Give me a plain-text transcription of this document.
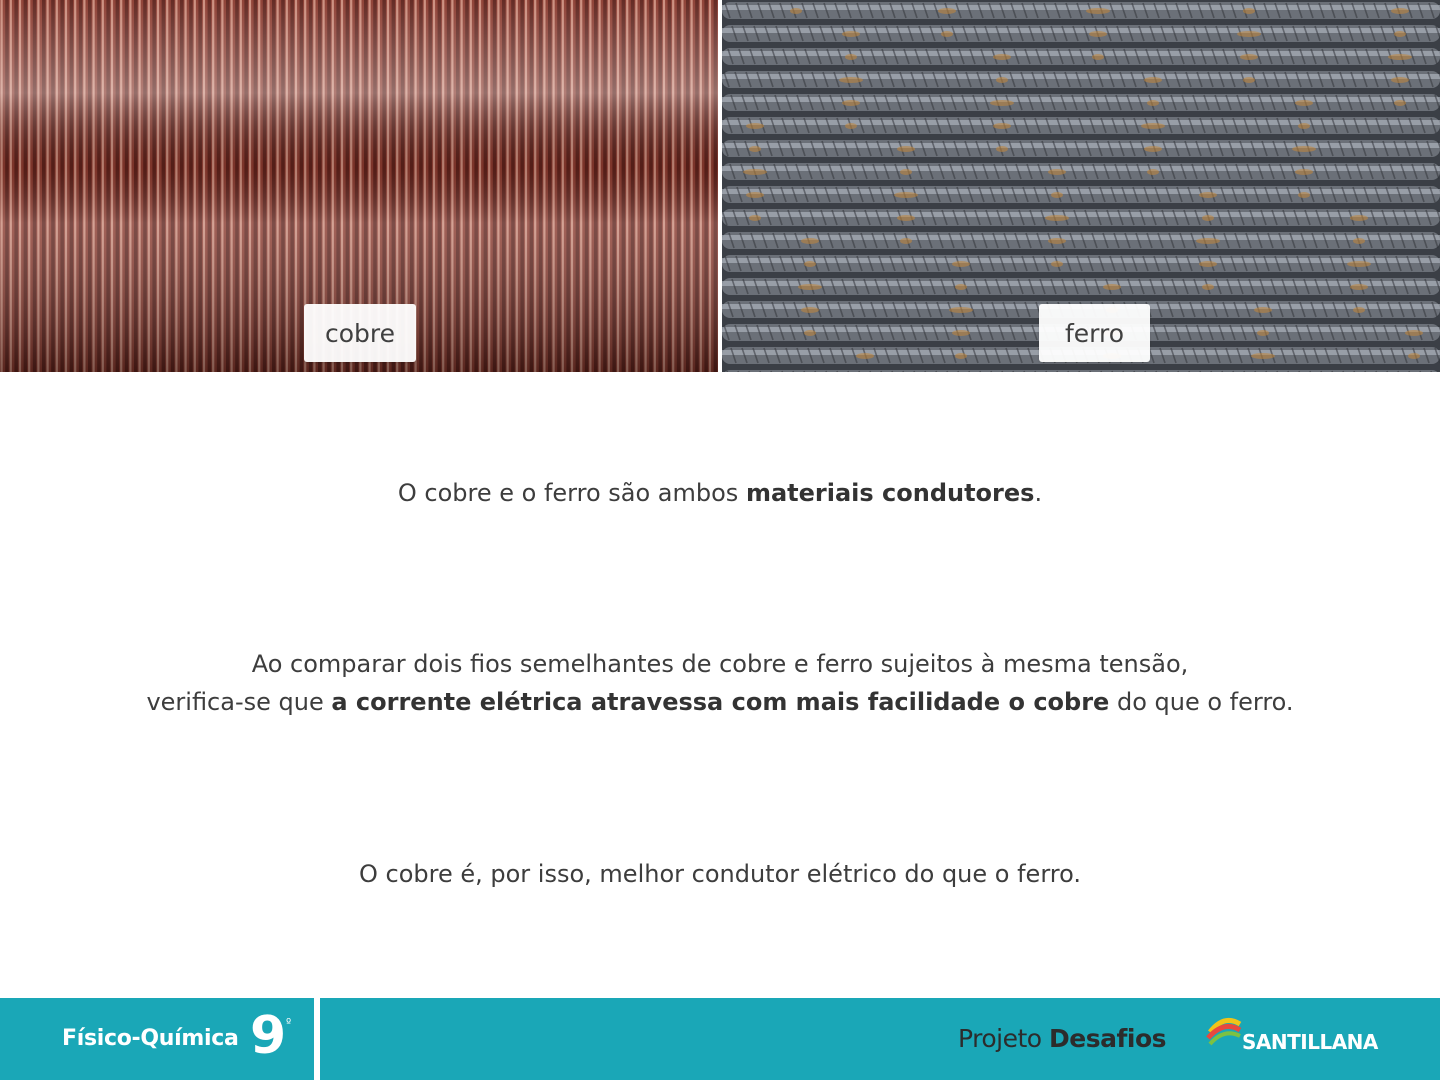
cobre	ferro
O cobre e o ferro são ambos materiais condutores.
Ao comparar dois fios semelhantes de cobre e ferro sujeitos à mesma tensão,
verifica-se que a corrente elétrica atravessa com mais facilidade o cobre do que o ferro.
O cobre é, por isso, melhor condutor elétrico do que o ferro.
Físico-Química 9 º
Projeto Desafios	SANTILLANA
